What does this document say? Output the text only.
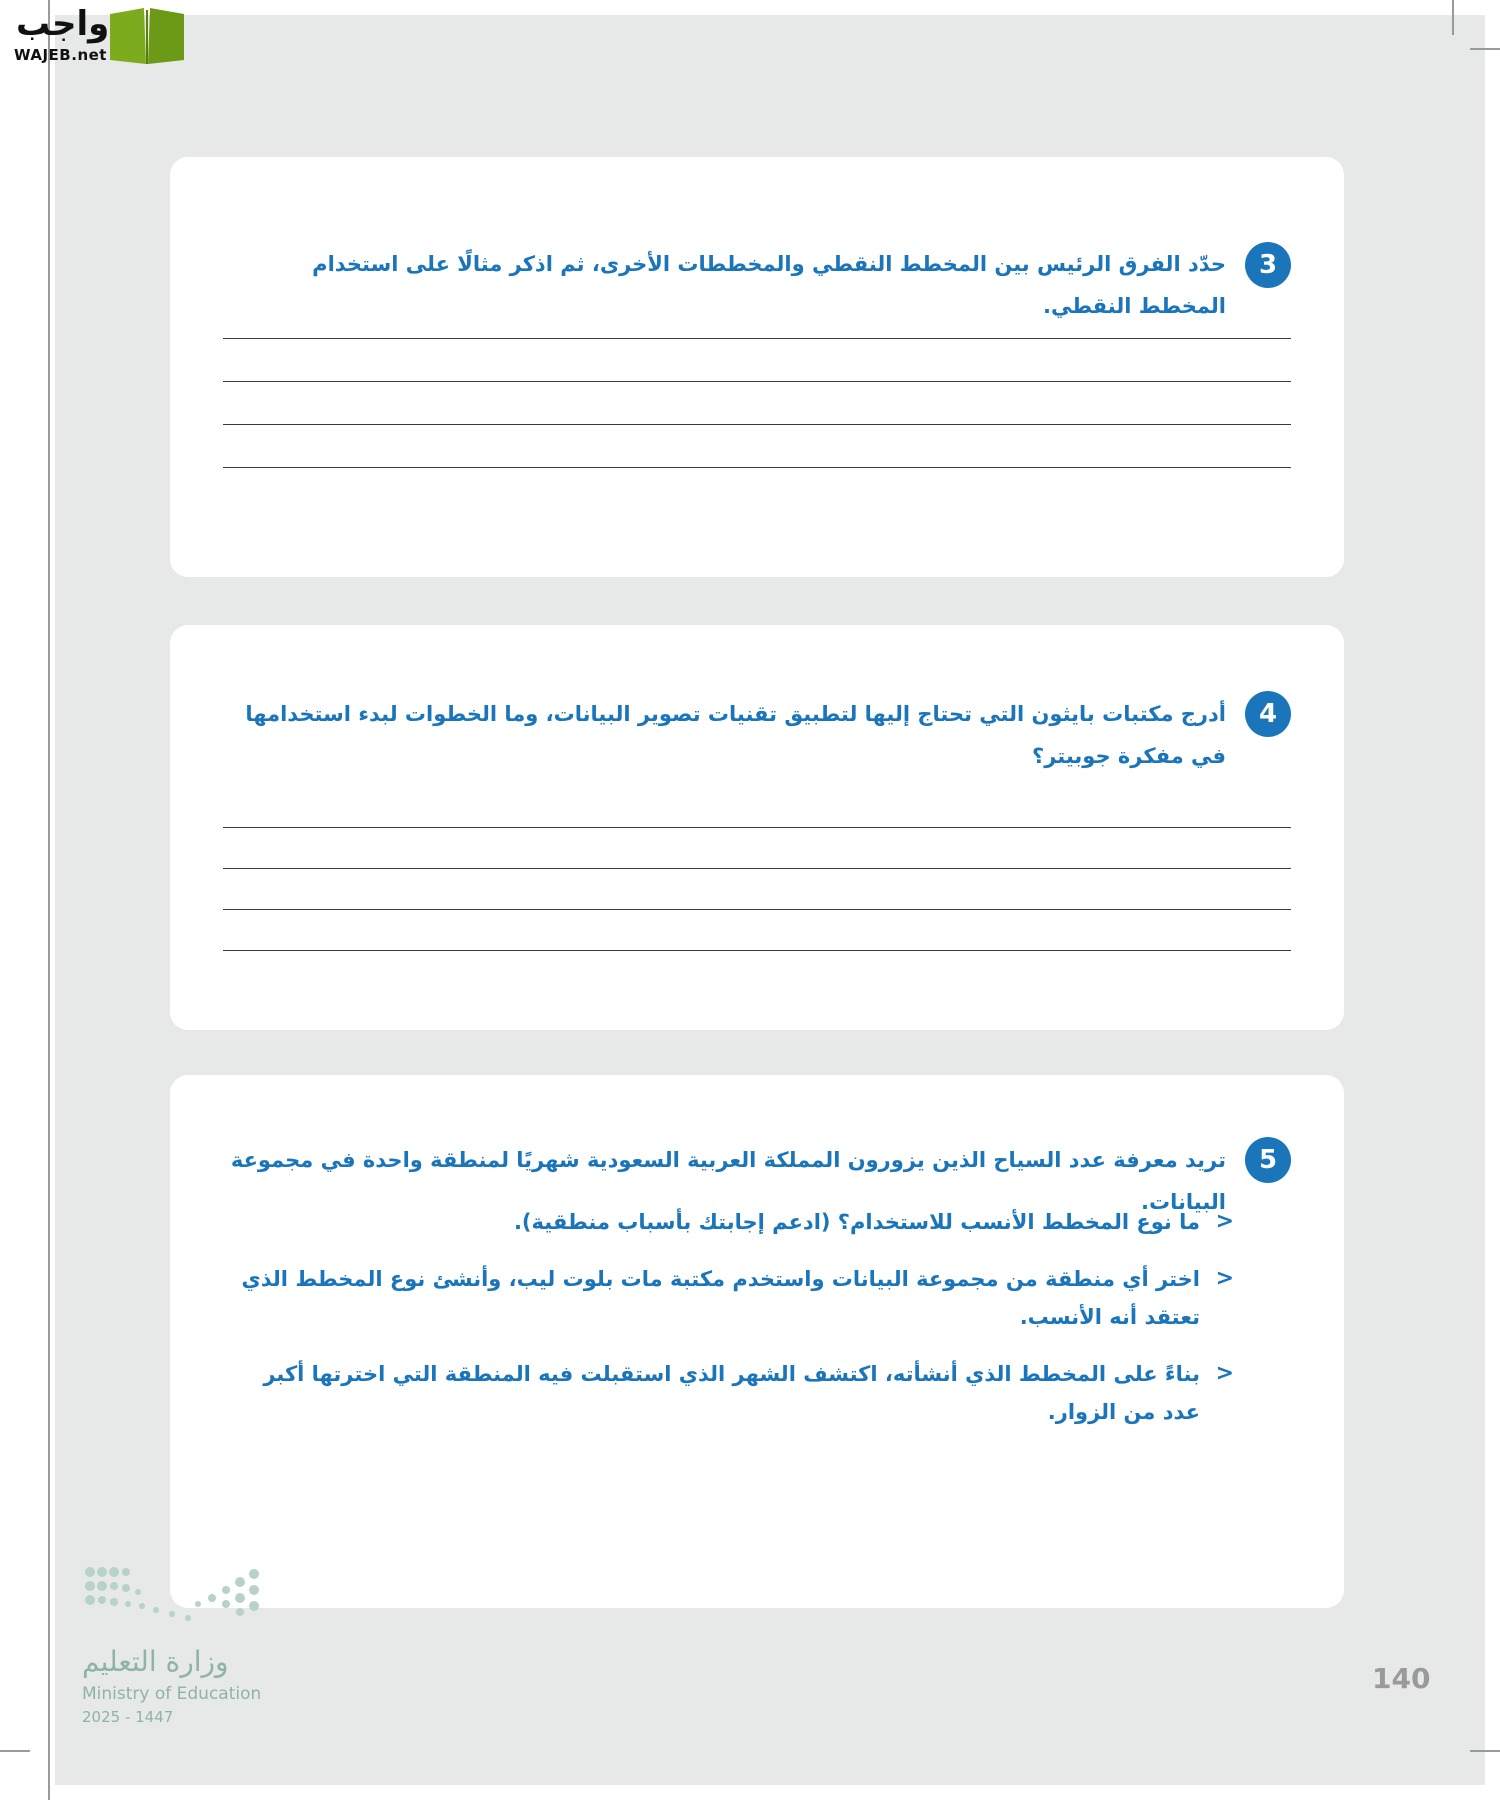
واجب
WAJEB.net
3
حدّد الفرق الرئيس بين المخطط النقطي والمخططات الأخرى، ثم اذكر مثالًا على استخدام المخطط النقطي.
4
أدرج مكتبات بايثون التي تحتاج إليها لتطبيق تقنيات تصوير البيانات، وما الخطوات لبدء استخدامها في مفكرة جوبيتر؟
5
تريد معرفة عدد السياح الذين يزورون المملكة العربية السعودية شهريًا لمنطقة واحدة في مجموعة البيانات.
<
ما نوع المخطط الأنسب للاستخدام؟ (ادعم إجابتك بأسباب منطقية).
<
اختر أي منطقة من مجموعة البيانات واستخدم مكتبة مات بلوت ليب، وأنشئ نوع المخطط الذي تعتقد أنه الأنسب.
<
بناءً على المخطط الذي أنشأته، اكتشف الشهر الذي استقبلت فيه المنطقة التي اخترتها أكبر عدد من الزوار.
وزارة التعليم
Ministry of Education
2025 - 1447
140
